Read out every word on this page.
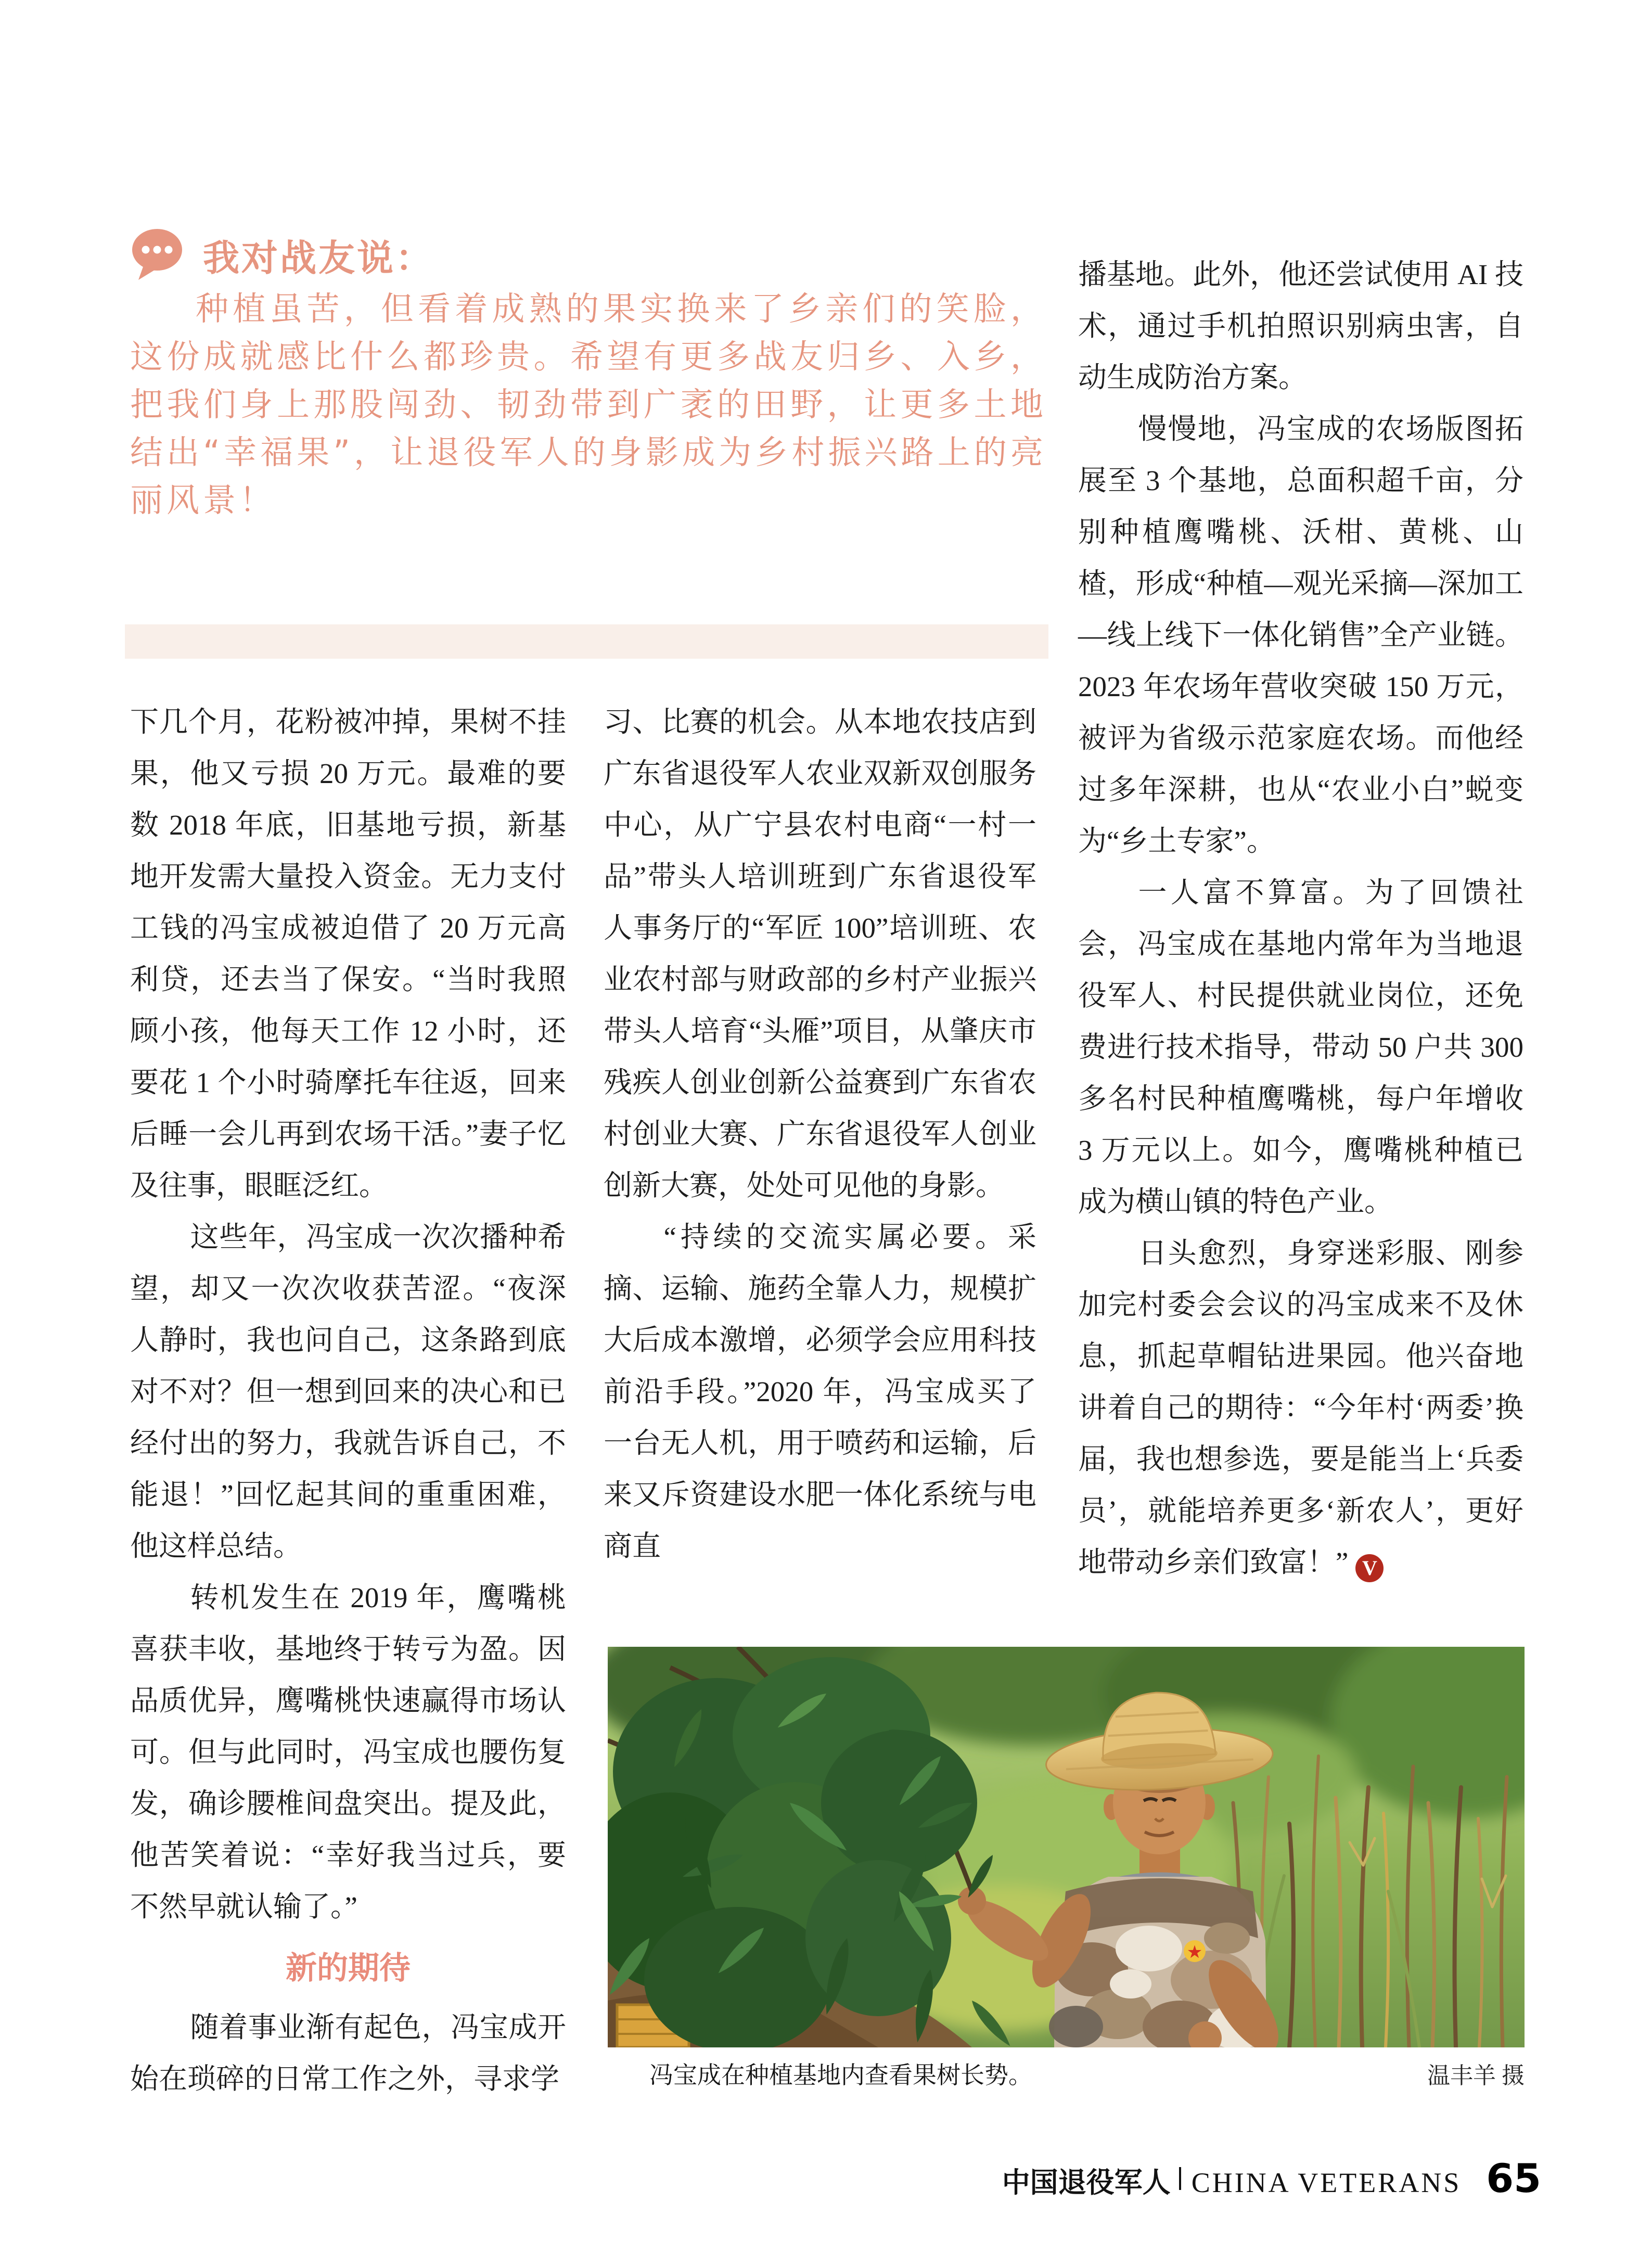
我对战友说：

种植虽苦，但看着成熟的果实换来了乡亲们的笑脸，这份成就感比什么都珍贵。希望有更多战友归乡、入乡，把我们身上那股闯劲、韧劲带到广袤的田野，让更多土地结出“幸福果”，让退役军人的身影成为乡村振兴路上的亮丽风景！

下几个月，花粉被冲掉，果树不挂果，他又亏损 20 万元。最难的要数 2018 年底，旧基地亏损，新基地开发需大量投入资金。无力支付工钱的冯宝成被迫借了 20 万元高利贷，还去当了保安。“当时我照顾小孩，他每天工作 12 小时，还要花 1 个小时骑摩托车往返，回来后睡一会儿再到农场干活。”妻子忆及往事，眼眶泛红。

这些年，冯宝成一次次播种希望，却又一次次收获苦涩。“夜深人静时，我也问自己，这条路到底对不对？但一想到回来的决心和已经付出的努力，我就告诉自己，不能退！”回忆起其间的重重困难，他这样总结。

转机发生在 2019 年，鹰嘴桃喜获丰收，基地终于转亏为盈。因品质优异，鹰嘴桃快速赢得市场认可。但与此同时，冯宝成也腰伤复发，确诊腰椎间盘突出。提及此，他苦笑着说：“幸好我当过兵，要不然早就认输了。”

新的期待

随着事业渐有起色，冯宝成开始在琐碎的日常工作之外，寻求学

习、比赛的机会。从本地农技店到广东省退役军人农业双新双创服务中心，从广宁县农村电商“一村一品”带头人培训班到广东省退役军人事务厅的“军匠 100”培训班、农业农村部与财政部的乡村产业振兴带头人培育“头雁”项目，从肇庆市残疾人创业创新公益赛到广东省农村创业大赛、广东省退役军人创业创新大赛，处处可见他的身影。

“持续的交流实属必要。采摘、运输、施药全靠人力，规模扩大后成本激增，必须学会应用科技前沿手段。”2020 年，冯宝成买了一台无人机，用于喷药和运输，后来又斥资建设水肥一体化系统与电商直

播基地。此外，他还尝试使用 AI 技术，通过手机拍照识别病虫害，自动生成防治方案。

慢慢地，冯宝成的农场版图拓展至 3 个基地，总面积超千亩，分别种植鹰嘴桃、沃柑、黄桃、山楂，形成“种植—观光采摘—深加工—线上线下一体化销售”全产业链。2023 年农场年营收突破 150 万元，被评为省级示范家庭农场。而他经过多年深耕，也从“农业小白”蜕变为“乡土专家”。

一人富不算富。为了回馈社会，冯宝成在基地内常年为当地退役军人、村民提供就业岗位，还免费进行技术指导，带动 50 户共 300 多名村民种植鹰嘴桃，每户年增收 3 万元以上。如今，鹰嘴桃种植已成为横山镇的特色产业。

日头愈烈，身穿迷彩服、刚参加完村委会会议的冯宝成来不及休息，抓起草帽钻进果园。他兴奋地讲着自己的期待：“今年村‘两委’换届，我也想参选，要是能当上‘兵委员’，就能培养更多‘新农人’，更好地带动乡亲们致富！” V

★
冯宝成在种植基地内查看果树长势。	温丰羊 摄
中国退役军人 CHINA VETERANS 65
